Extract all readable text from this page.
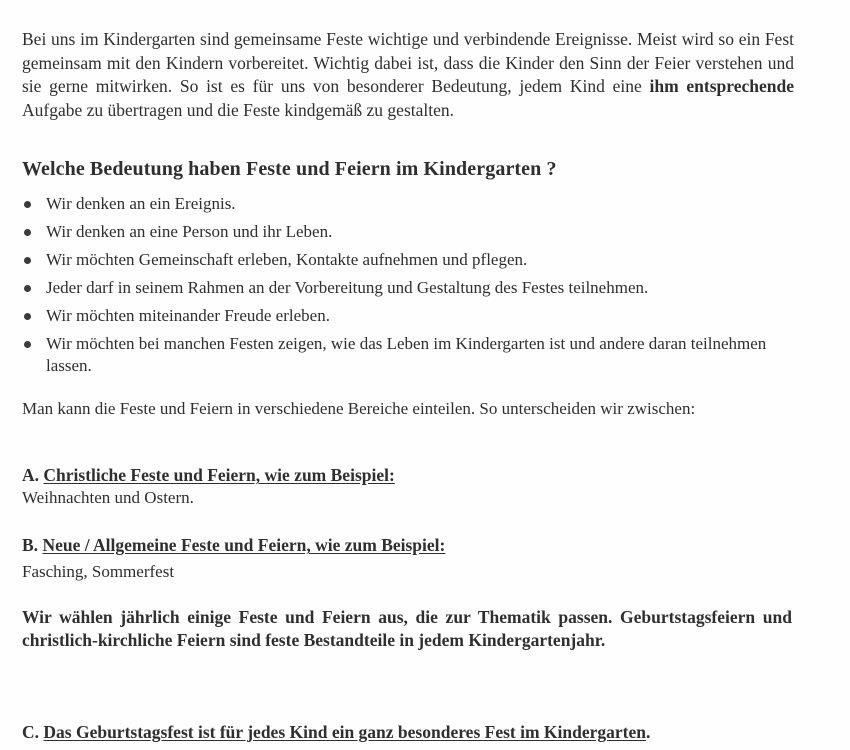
Bei uns im Kindergarten sind gemeinsame Feste wichtige und verbindende Ereignisse. Meist wird so ein Fest gemeinsam mit den Kindern vorbereitet. Wichtig dabei ist, dass die Kinder den Sinn der Feier verstehen und sie gerne mitwirken. So ist es für uns von besonderer Bedeutung, jedem Kind eine ihm entsprechende Aufgabe zu übertragen und die Feste kindgemäß zu gestalten.

Welche Bedeutung haben Feste und Feiern im Kindergarten ?
Wir denken an ein Ereignis.
Wir denken an eine Person und ihr Leben.
Wir möchten Gemeinschaft erleben, Kontakte aufnehmen und pflegen.
Jeder darf in seinem Rahmen an der Vorbereitung und Gestaltung des Festes teilnehmen.
Wir möchten miteinander Freude erleben.
Wir möchten bei manchen Festen zeigen, wie das Leben im Kindergarten ist und andere daran teilnehmen lassen.

Man kann die Feste und Feiern in verschiedene Bereiche einteilen. So unterscheiden wir zwischen:

A. Christliche Feste und Feiern, wie zum Beispiel:

Weihnachten und Ostern.

B. Neue / Allgemeine Feste und Feiern, wie zum Beispiel:

Fasching, Sommerfest

Wir wählen jährlich einige Feste und Feiern aus, die zur Thematik passen. Geburtstagsfeiern und christlich-kirchliche Feiern sind feste Bestandteile in jedem Kindergartenjahr.

C. Das Geburtstagsfest ist für jedes Kind ein ganz besonderes Fest im Kindergarten.
